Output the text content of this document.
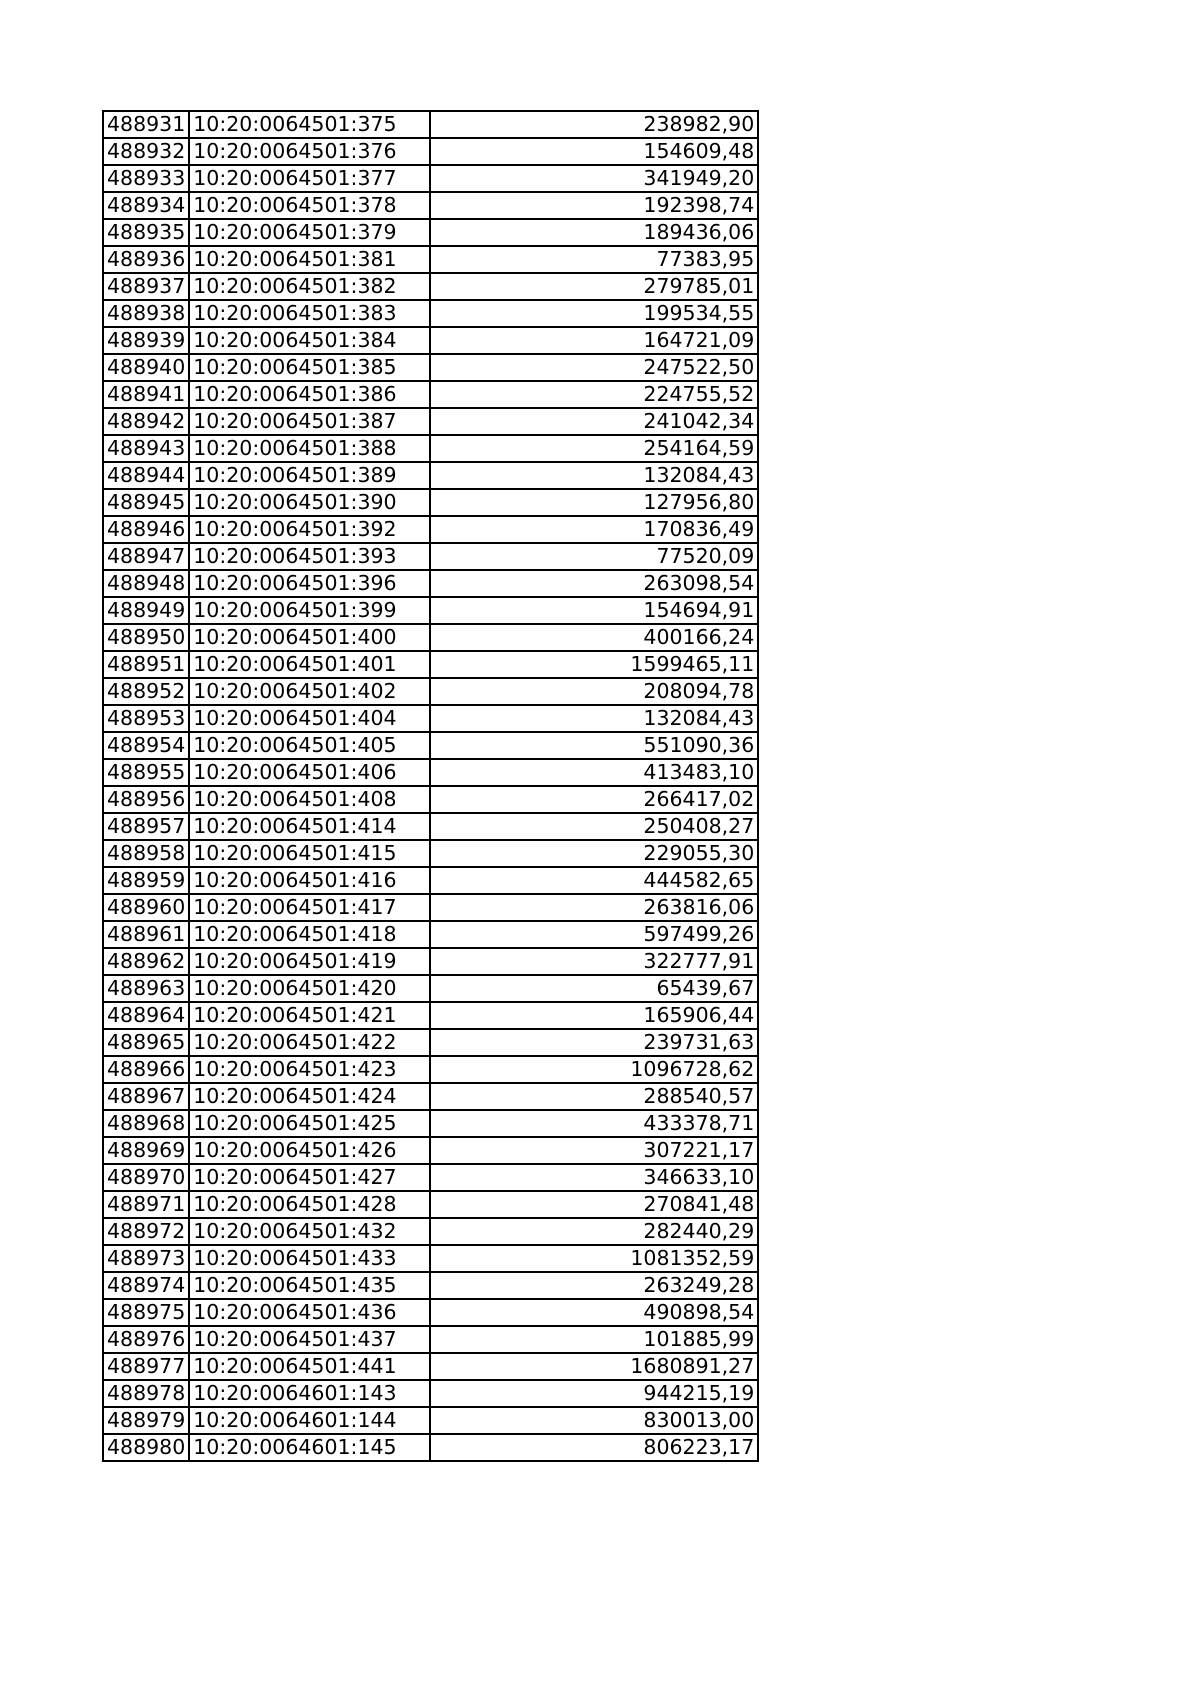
488931	10:20:0064501:375	238982,90
488932	10:20:0064501:376	154609,48
488933	10:20:0064501:377	341949,20
488934	10:20:0064501:378	192398,74
488935	10:20:0064501:379	189436,06
488936	10:20:0064501:381	77383,95
488937	10:20:0064501:382	279785,01
488938	10:20:0064501:383	199534,55
488939	10:20:0064501:384	164721,09
488940	10:20:0064501:385	247522,50
488941	10:20:0064501:386	224755,52
488942	10:20:0064501:387	241042,34
488943	10:20:0064501:388	254164,59
488944	10:20:0064501:389	132084,43
488945	10:20:0064501:390	127956,80
488946	10:20:0064501:392	170836,49
488947	10:20:0064501:393	77520,09
488948	10:20:0064501:396	263098,54
488949	10:20:0064501:399	154694,91
488950	10:20:0064501:400	400166,24
488951	10:20:0064501:401	1599465,11
488952	10:20:0064501:402	208094,78
488953	10:20:0064501:404	132084,43
488954	10:20:0064501:405	551090,36
488955	10:20:0064501:406	413483,10
488956	10:20:0064501:408	266417,02
488957	10:20:0064501:414	250408,27
488958	10:20:0064501:415	229055,30
488959	10:20:0064501:416	444582,65
488960	10:20:0064501:417	263816,06
488961	10:20:0064501:418	597499,26
488962	10:20:0064501:419	322777,91
488963	10:20:0064501:420	65439,67
488964	10:20:0064501:421	165906,44
488965	10:20:0064501:422	239731,63
488966	10:20:0064501:423	1096728,62
488967	10:20:0064501:424	288540,57
488968	10:20:0064501:425	433378,71
488969	10:20:0064501:426	307221,17
488970	10:20:0064501:427	346633,10
488971	10:20:0064501:428	270841,48
488972	10:20:0064501:432	282440,29
488973	10:20:0064501:433	1081352,59
488974	10:20:0064501:435	263249,28
488975	10:20:0064501:436	490898,54
488976	10:20:0064501:437	101885,99
488977	10:20:0064501:441	1680891,27
488978	10:20:0064601:143	944215,19
488979	10:20:0064601:144	830013,00
488980	10:20:0064601:145	806223,17
